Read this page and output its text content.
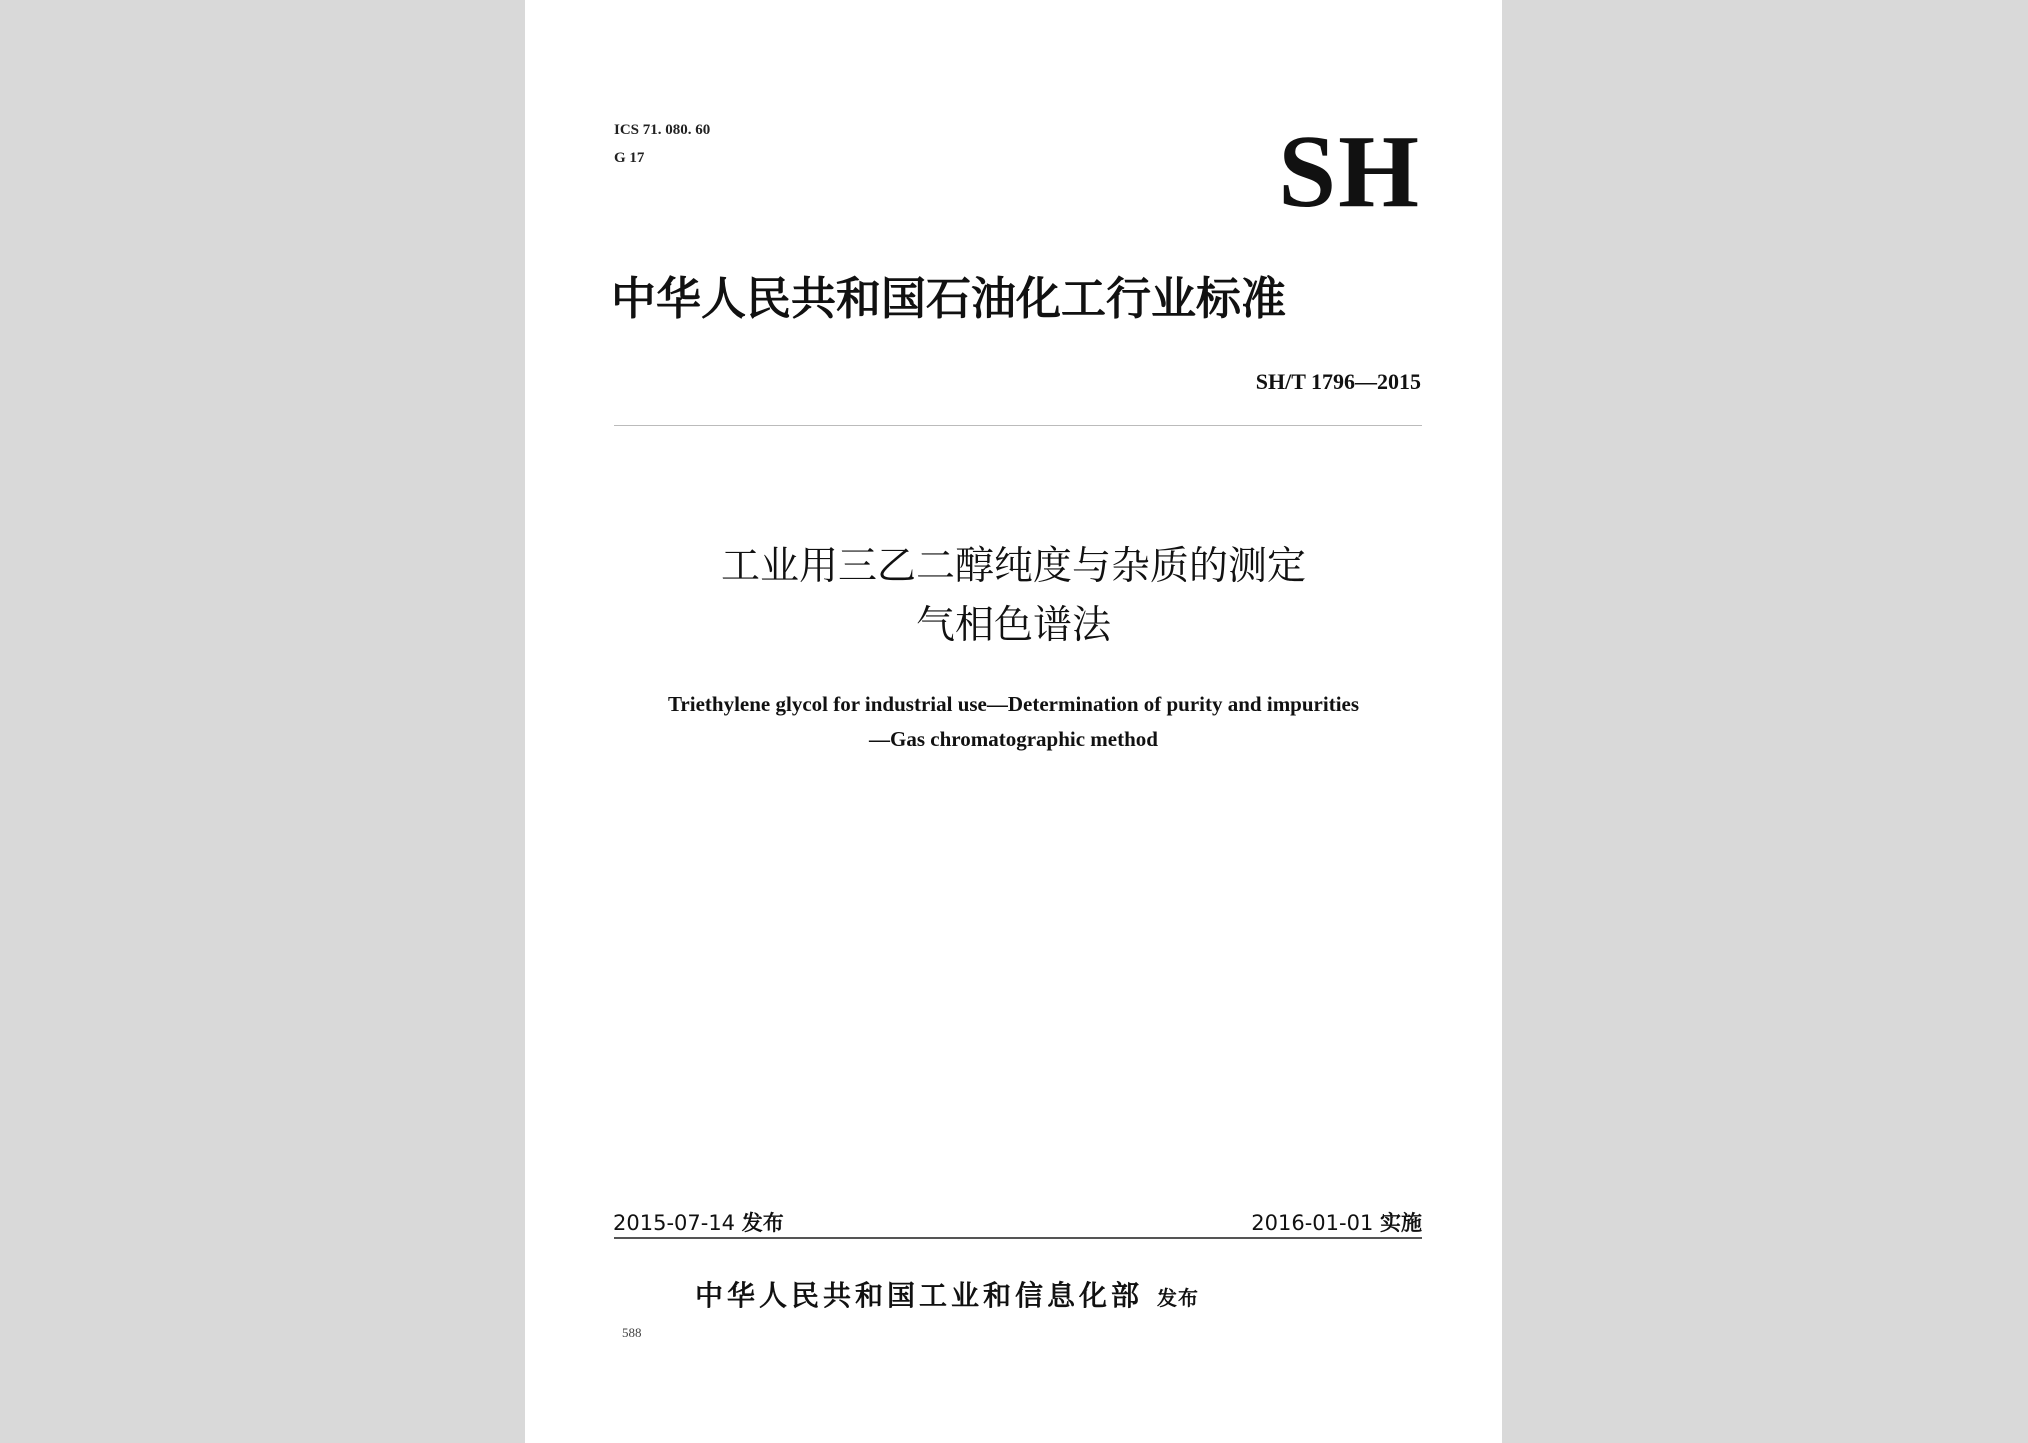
ICS 71. 080. 60
G 17	SH
中华人民共和国石油化工行业标准
SH/T 1796—2015
工业用三乙二醇纯度与杂质的测定
气相色谱法
Triethylene glycol for industrial use—Determination of purity and impurities
—Gas chromatographic method
2015-07-14 发布	2016-01-01 实施
中华人民共和国工业和信息化部 发布
588
